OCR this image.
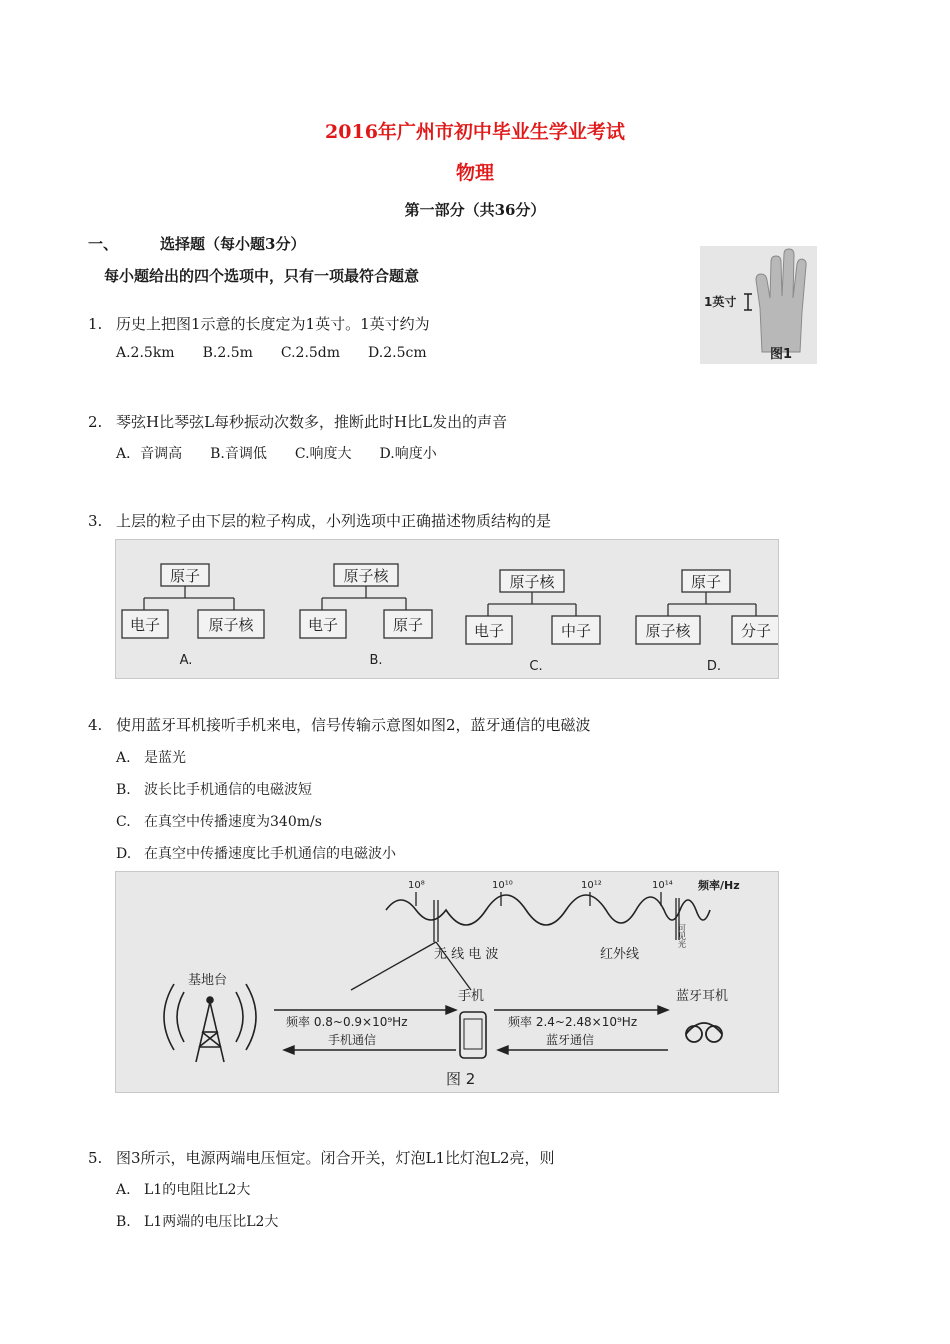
2016年广州市初中毕业生学业考试
物理
第一部分（共36分）
一、	选择题（每小题3分）
每小题给出的四个选项中，只有一项最符合题意
1英寸
图1
1. 历史上把图1示意的长度定为1英寸。1英寸约为
A.2.5km B.2.5m C.2.5dm D.2.5cm
2. 琴弦H比琴弦L每秒振动次数多，推断此时H比L发出的声音
A．音调高 B.音调低 C.响度大 D.响度小
3. 上层的粒子由下层的粒子构成，小列选项中正确描述物质结构的是
原子
电子	原子核
A.
原子核
电子	原子
B.
原子核
电子	中子
C.
原子
原子核	分子
D.
4. 使用蓝牙耳机接听手机来电，信号传输示意图如图2，蓝牙通信的电磁波
A. 是蓝光
B. 波长比手机通信的电磁波短
C. 在真空中传播速度为340m/s
D. 在真空中传播速度比手机通信的电磁波小
10⁸	10¹⁰	10¹²	10¹⁴ 频率/Hz
无 线 电 波	红外线
可见光
基地台
手机	蓝牙耳机
频率 0.8~0.9×10⁹Hz
手机通信
频率 2.4~2.48×10⁹Hz
蓝牙通信
图 2
5. 图3所示，电源两端电压恒定。闭合开关，灯泡L1比灯泡L2亮，则
A. L1的电阻比L2大
B. L1两端的电压比L2大
